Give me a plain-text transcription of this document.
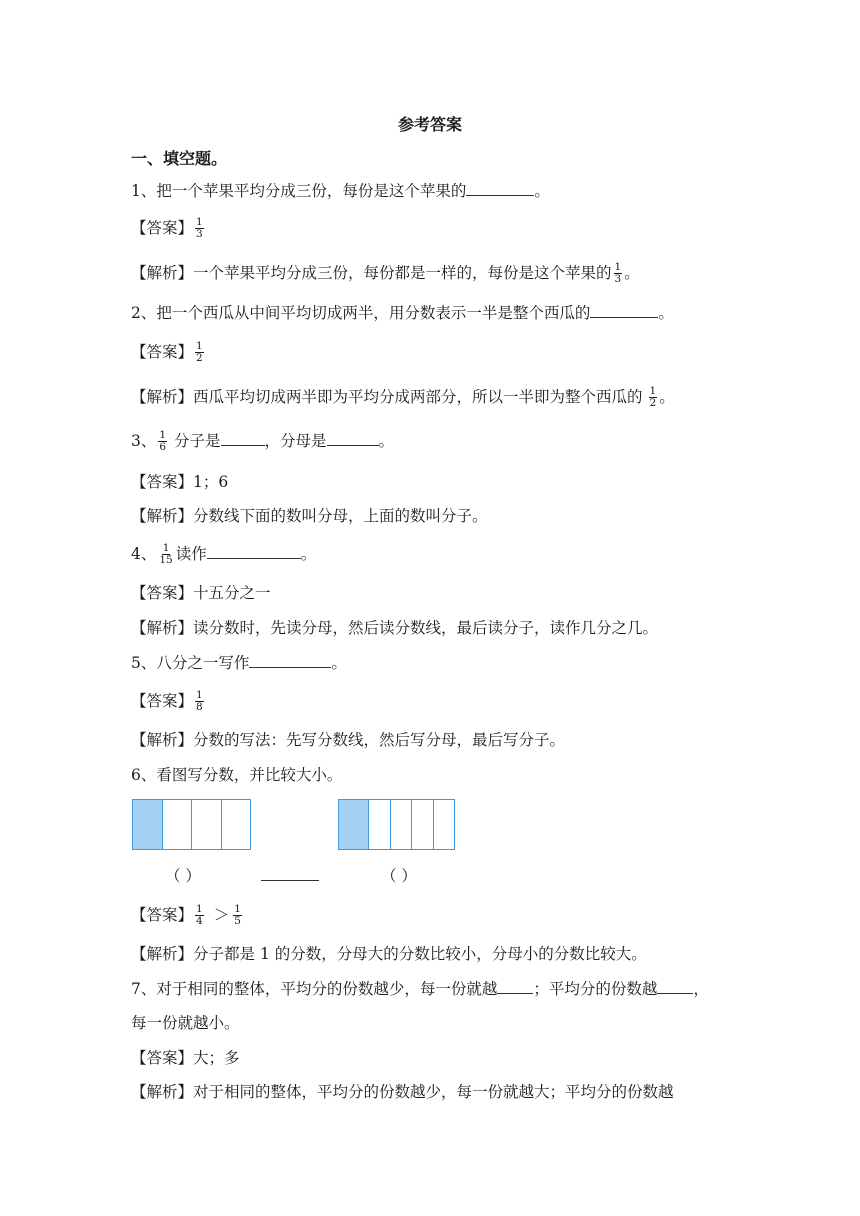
参考答案
一、填空题。
1、把一个苹果平均分成三份，每份是这个苹果的	。
【答案】 $\frac{1}{3}$
【解析】一个苹果平均分成三份，每份都是一样的，每份是这个苹果的 $\frac{1}{3}$ 。
2、把一个西瓜从中间平均切成两半，用分数表示一半是整个西瓜的	。
【答案】 $\frac{1}{2}$
【解析】西瓜平均切成两半即为平均分成两部分，所以一半即为整个西瓜的 $\frac{1}{2}$ 。
3、 $\frac{1}{6}$ 分子是	，分母是	。
【答案】1；6
【解析】分数线下面的数叫分母，上面的数叫分子。
4、 $\frac{1}{15}$ 读作	。
【答案】十五分之一
【解析】读分数时，先读分母，然后读分数线，最后读分子，读作几分之几。
5、八分之一写作	。
【答案】 $\frac{1}{8}$
【解析】分数的写法：先写分数线，然后写分母，最后写分子。
6、看图写分数，并比较大小。
（ ）	（ ）
【答案】 $\frac{1}{4} > \frac{1}{5}$
【解析】分子都是 1 的分数，分母大的分数比较小，分母小的分数比较大。
7、对于相同的整体，平均分的份数越少，每一份就越 ；平均分的份数越 ，
每一份就越小。
【答案】大；多
【解析】对于相同的整体，平均分的份数越少，每一份就越大；平均分的份数越
